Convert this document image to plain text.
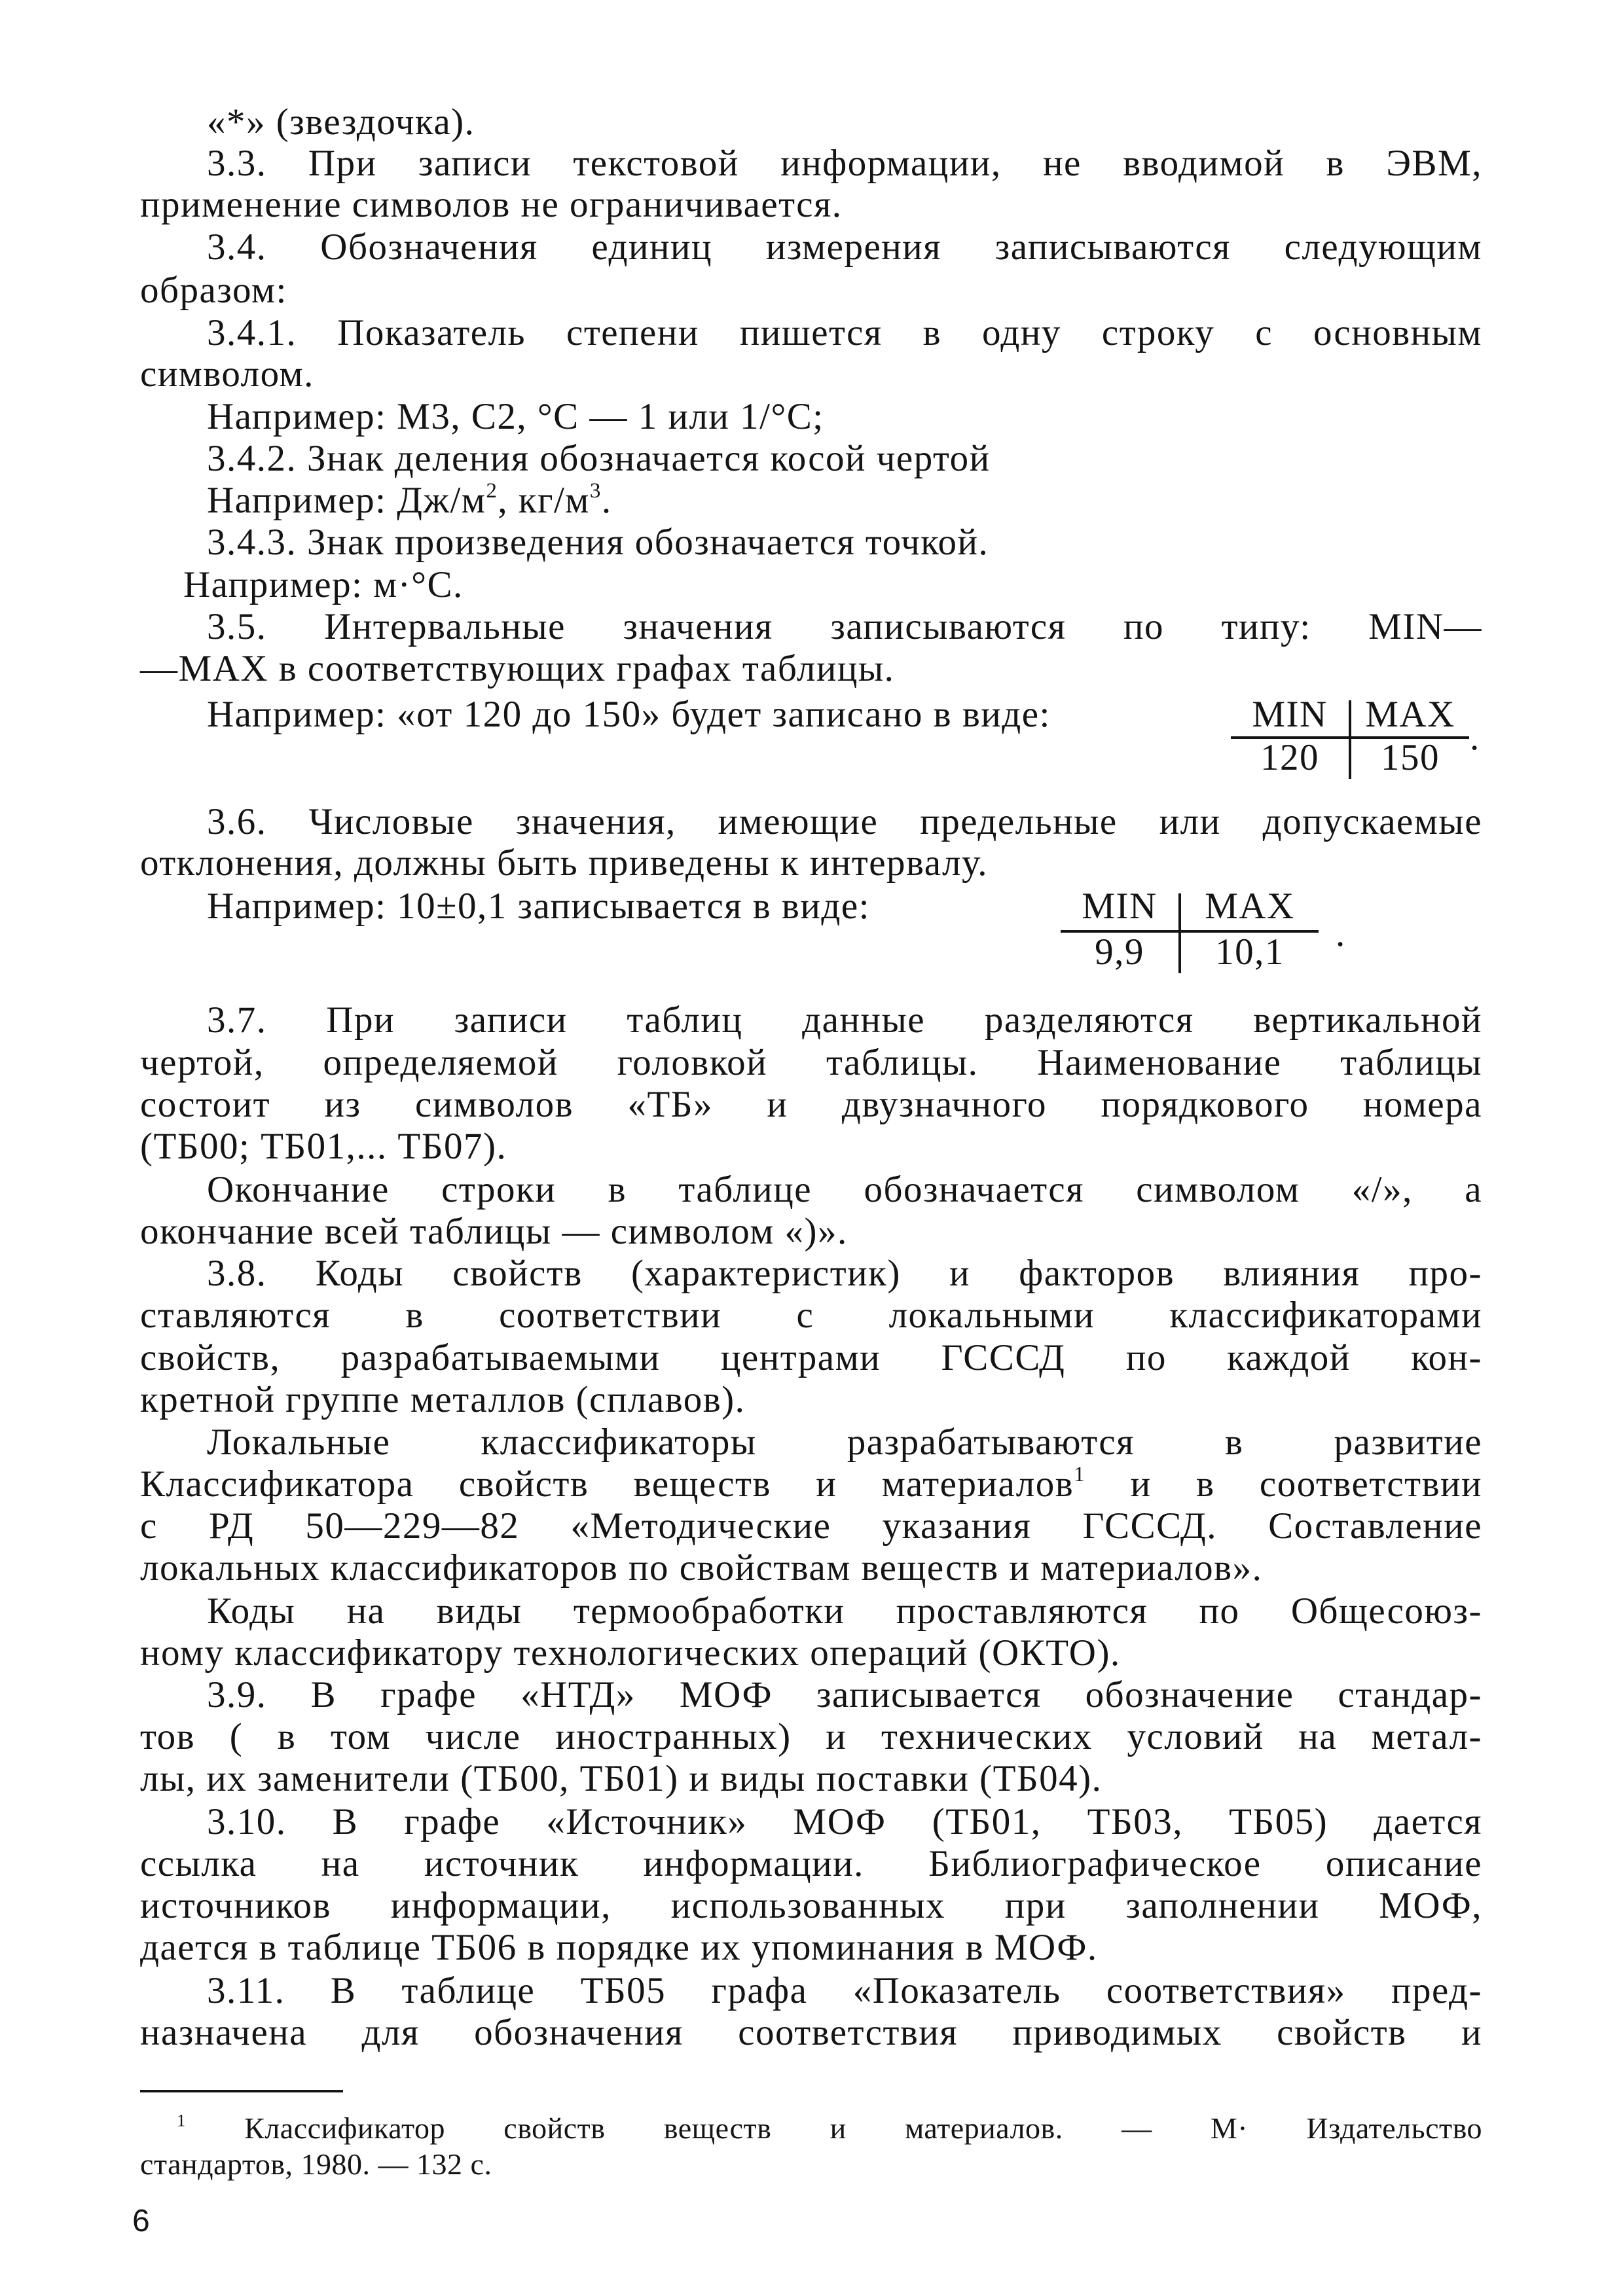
«*» (звездочка).
3.3. При записи текстовой информации, не вводимой в ЭВМ,
применение символов не ограничивается.
3.4. Обозначения единиц измерения записываются следующим
образом:
3.4.1. Показатель степени пишется в одну строку с основным
символом.
Например: М3, С2, °С — 1 или 1/°С;
3.4.2. Знак деления обозначается косой чертой
Например: $Дж/м^2$, $кг/м^3$.
3.4.3. Знак произведения обозначается точкой.
Например: м·°С.
3.5. Интервальные значения записываются по типу: MIN—
—MAX в соответствующих графах таблицы.
Например: «от 120 до 150» будет записано в виде:	MIN	MAX
120	150 .
3.6. Числовые значения, имеющие предельные или допускаемые
отклонения, должны быть приведены к интервалу.
Например: 10±0,1 записывается в виде:	MIN	MAX
9,9	10,1	.
3.7. При записи таблиц данные разделяются вертикальной
чертой, определяемой головкой таблицы. Наименование таблицы
состоит из символов «ТБ» и двузначного порядкового номера
(ТБ00; ТБ01,... ТБ07).
Окончание строки в таблице обозначается символом «/», а
окончание всей таблицы — символом «)».
3.8. Коды свойств (характеристик) и факторов влияния про-
ставляются в соответствии с локальными классификаторами
свойств, разрабатываемыми центрами ГСССД по каждой кон-
кретной группе металлов (сплавов).
Локальные классификаторы разрабатываются в развитие
Классификатора свойств веществ и материалов$^1$ и в соответствии
с РД 50—229—82 «Методические указания ГСССД. Составление
локальных классификаторов по свойствам веществ и материалов».
Коды на виды термообработки проставляются по Общесоюз-
ному классификатору технологических операций (ОКТО).
3.9. В графе «НТД» МОФ записывается обозначение стандар-
тов ( в том числе иностранных) и технических условий на метал-
лы, их заменители (ТБ00, ТБ01) и виды поставки (ТБ04).
3.10. В графе «Источник» МОФ (ТБ01, ТБ03, ТБ05) дается
ссылка на источник информации. Библиографическое описание
источников информации, использованных при заполнении МОФ,
дается в таблице ТБ06 в порядке их упоминания в МОФ.
3.11. В таблице ТБ05 графа «Показатель соответствия» пред-
назначена для обозначения соответствия приводимых свойств и
$^1$ Классификатор свойств веществ и материалов. — М· Издательство
стандартов, 1980. — 132 с.
6
